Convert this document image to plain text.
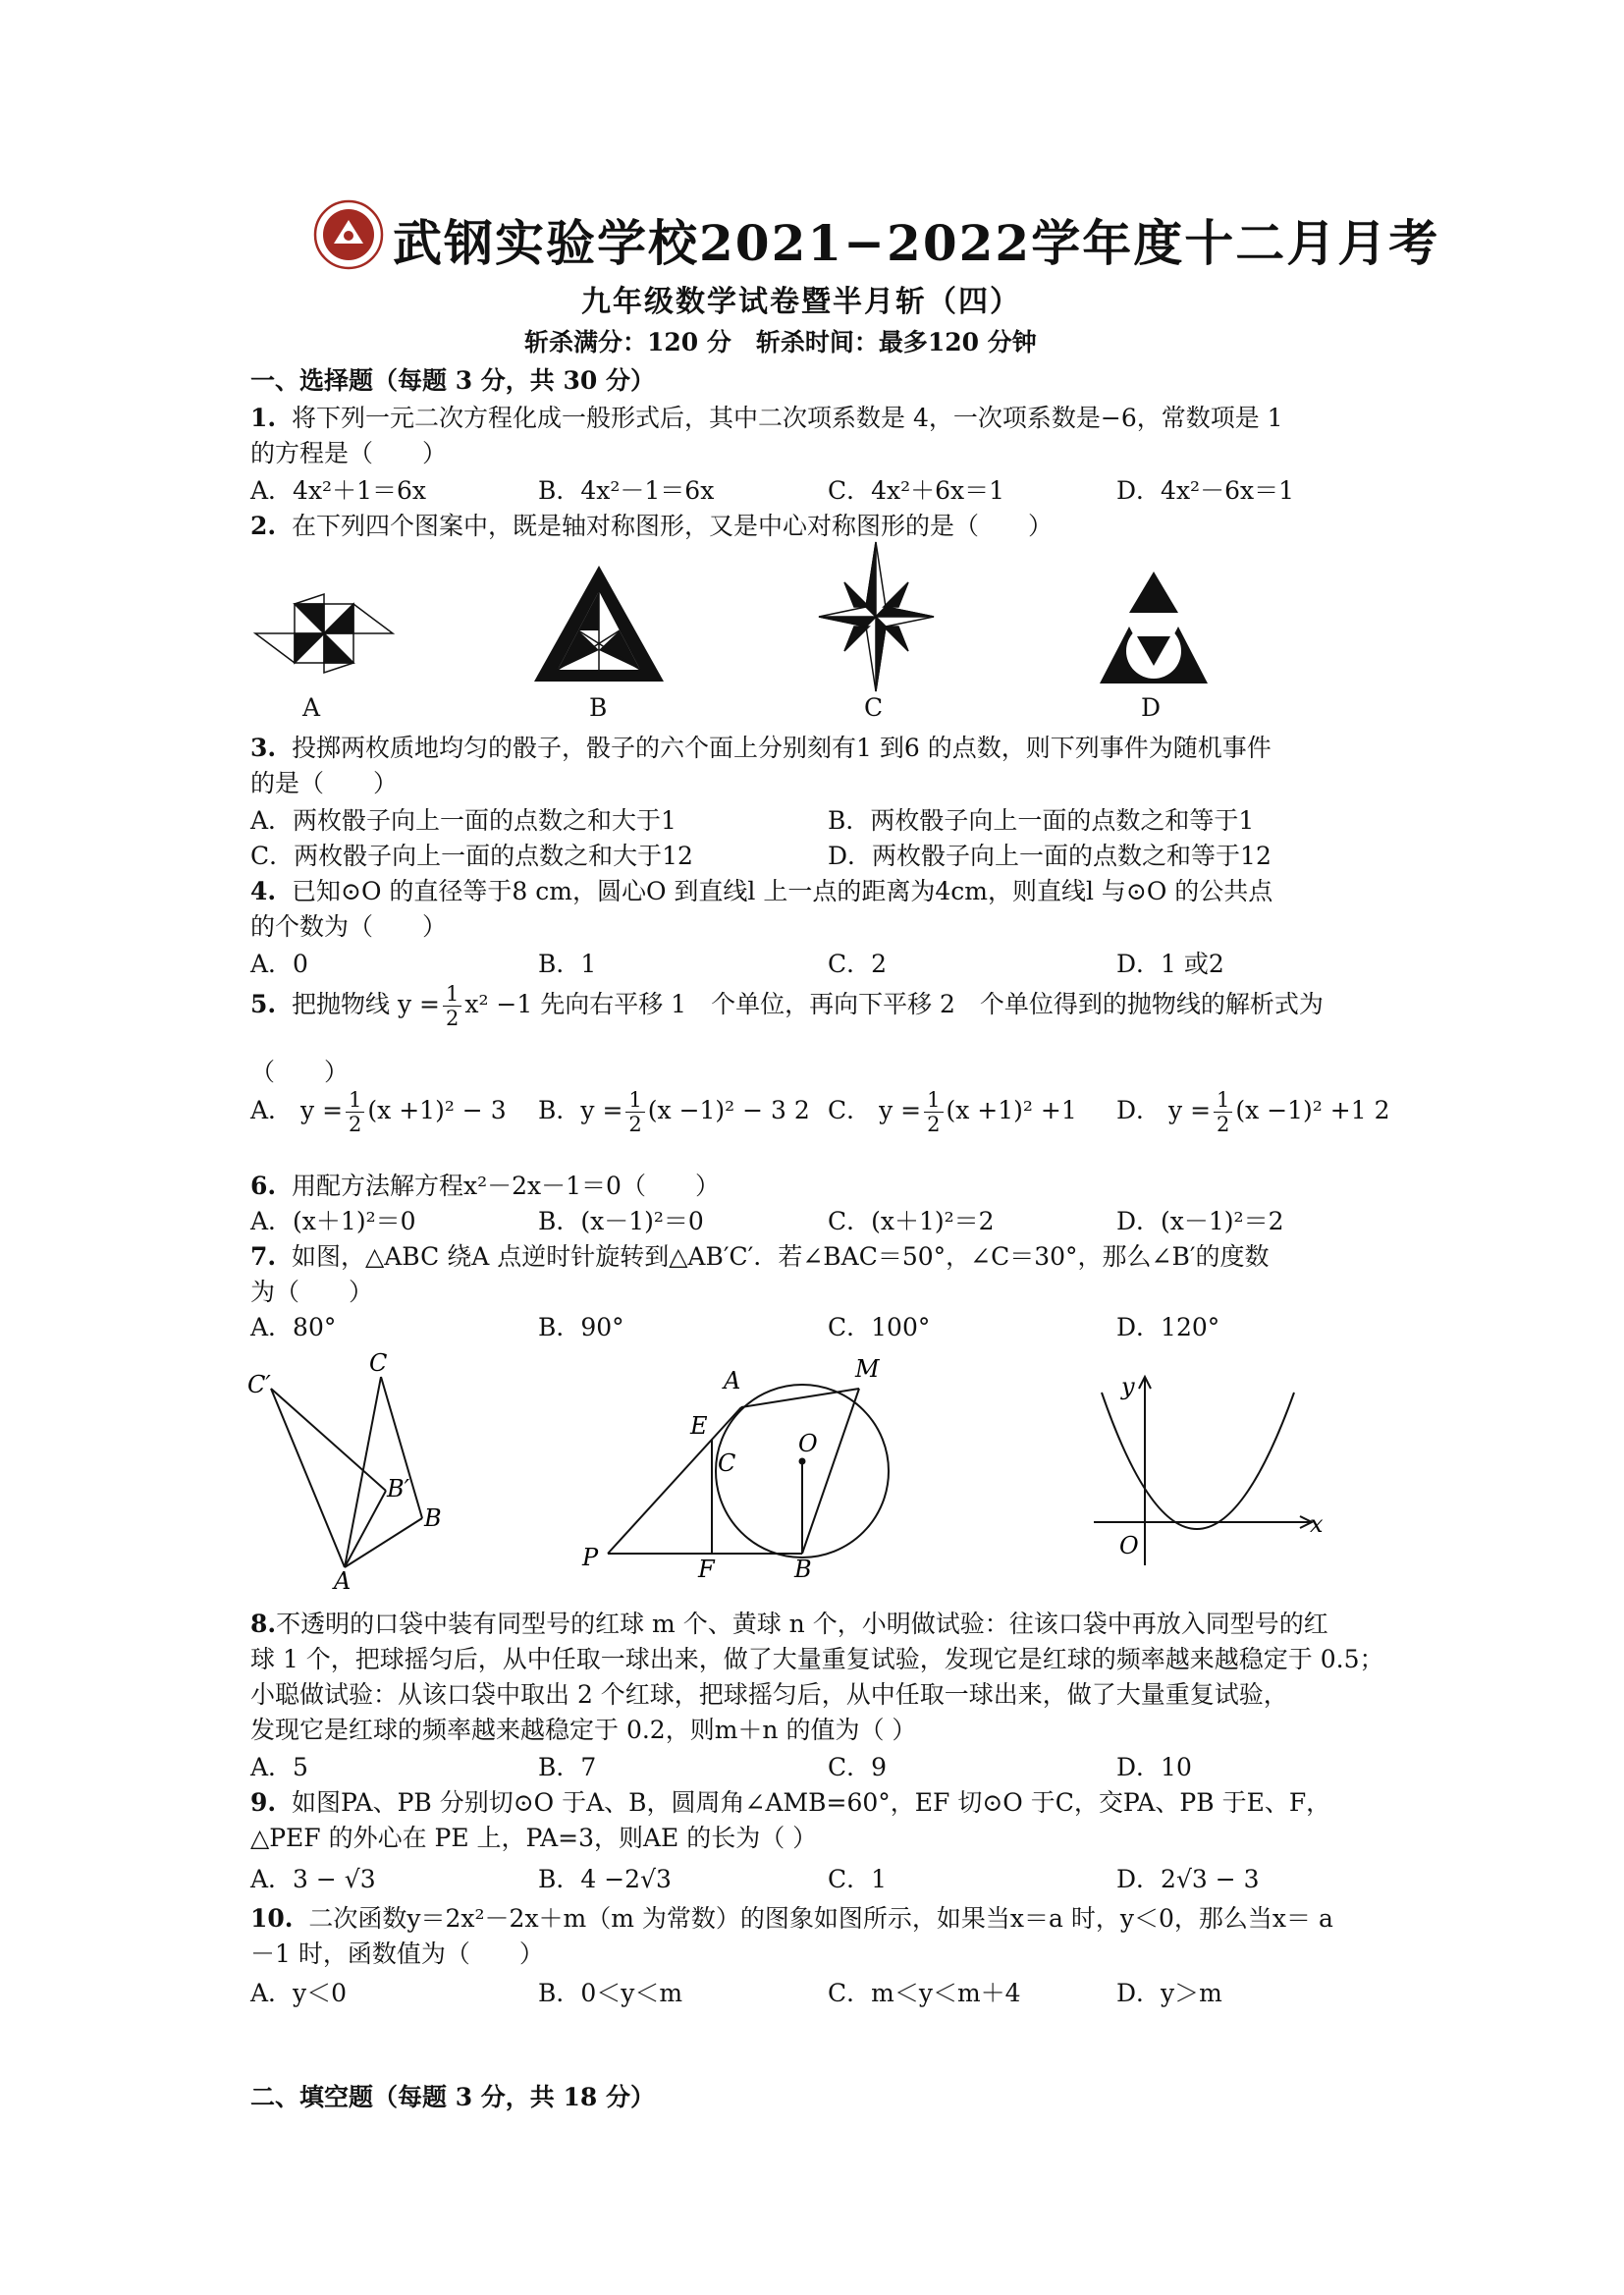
武钢实验学校2021−2022学年度十二月月考
九年级数学试卷暨半月斩（四）
斩杀满分：120 分　斩杀时间：最多120 分钟
一、选择题（每题 3 分，共 30 分）
1. 将下列一元二次方程化成一般形式后，其中二次项系数是 4，一次项系数是−6，常数项是 1
的方程是（　　）
A．4x²＋1＝6x	B．4x²－1＝6x	C．4x²＋6x＝1	D．4x²－6x＝1
2. 在下列四个图案中，既是轴对称图形，又是中心对称图形的是（　　）
A	B	C	D
3. 投掷两枚质地均匀的骰子，骰子的六个面上分别刻有1 到6 的点数，则下列事件为随机事件
的是（　　）
A．两枚骰子向上一面的点数之和大于1	B．两枚骰子向上一面的点数之和等于1
C．两枚骰子向上一面的点数之和大于12	D．两枚骰子向上一面的点数之和等于12
4. 已知⊙O 的直径等于8 cm，圆心O 到直线l 上一点的距离为4cm，则直线l 与⊙O 的公共点
的个数为（　　）
A．0	B．1	C．2	D．1 或2
5. 把抛物线 $y = \frac{1}{2} x^2 -1$ 先向右平移 1　个单位，再向下平移 2　个单位得到的抛物线的解析式为
（　　）
A． $y = \frac{1}{2} (x +1)^2 - 3$ B．$y = \frac{1}{2} (x -1)^2 - 3$ 2 C． $y = \frac{1}{2} (x +1)^2 +1$ D． $y = \frac{1}{2} (x -1)^2 +1$ 2
6. 用配方法解方程x²－2x－1＝0（　　）
A．(x＋1)²＝0	B．(x－1)²＝0	C．(x＋1)²＝2	D．(x－1)²＝2
7. 如图，△ABC 绕A 点逆时针旋转到△AB′C′．若∠BAC＝50°，∠C＝30°，那么∠B′的度数
为（　　）
A．80°	B．90°	C．100°	D．120°
C′
C
B′
B
A
A	M
E
O
C
P	F	B
y
x
O
8.不透明的口袋中装有同型号的红球 m 个、黄球 n 个，小明做试验：往该口袋中再放入同型号的红
球 1 个，把球摇匀后，从中任取一球出来，做了大量重复试验，发现它是红球的频率越来越稳定于 0.5；
小聪做试验：从该口袋中取出 2 个红球，把球摇匀后，从中任取一球出来，做了大量重复试验，
发现它是红球的频率越来越稳定于 0.2，则m＋n 的值为（ ）
A．5	B．7	C．9	D．10
9. 如图PA、PB 分别切⊙O 于A、B，圆周角∠AMB=60°，EF 切⊙O 于C，交PA、PB 于E、F，
△PEF 的外心在 PE 上，PA=3，则AE 的长为（ ）
A．3 − √3	B．4 −2√3	C．1	D．2√3 − 3
10. 二次函数y＝2x²－2x＋m（m 为常数）的图象如图所示，如果当x＝a 时，y＜0，那么当x＝ a
－1 时，函数值为（　　）
A．y＜0	B．0＜y＜m	C．m＜y＜m＋4	D．y＞m
二、填空题（每题 3 分，共 18 分）
